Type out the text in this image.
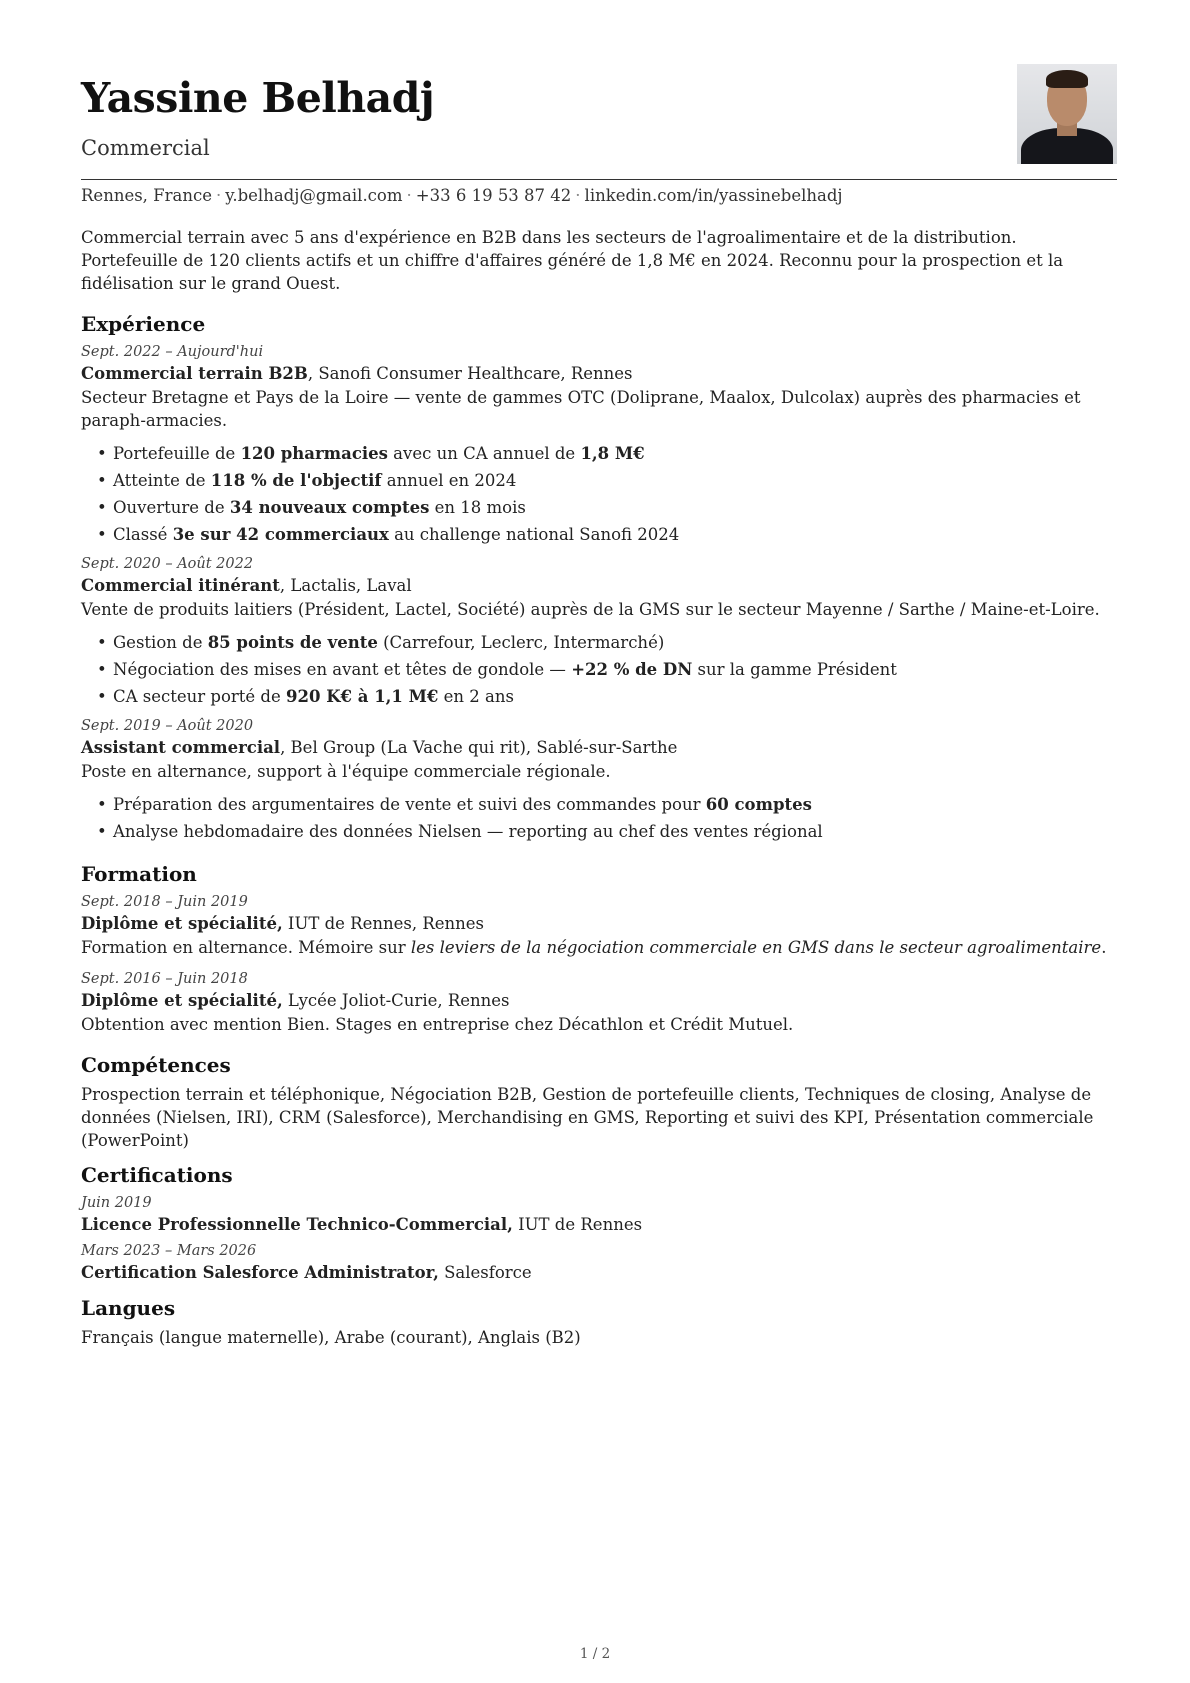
Yassine Belhadj
Commercial
Rennes, France · y.belhadj@gmail.com · +33 6 19 53 87 42 · linkedin.com/in/yassinebelhadj

Commercial terrain avec 5 ans d'expérience en B2B dans les secteurs de l'agroalimentaire et de la distribution. Portefeuille de 120 clients actifs et un chiffre d'affaires généré de 1,8 M€ en 2024. Reconnu pour la prospection et la fidélisation sur le grand Ouest.

Expérience
Sept. 2022 – Aujourd'hui
Commercial terrain B2B, Sanofi Consumer Healthcare, Rennes

Secteur Bretagne et Pays de la Loire — vente de gammes OTC (Doliprane, Maalox, Dulcolax) auprès des pharmacies et paraph-armacies.

• Portefeuille de 120 pharmacies avec un CA annuel de 1,8 M€
• Atteinte de 118 % de l'objectif annuel en 2024
• Ouverture de 34 nouveaux comptes en 18 mois
• Classé 3e sur 42 commerciaux au challenge national Sanofi 2024
Sept. 2020 – Août 2022
Commercial itinérant, Lactalis, Laval

Vente de produits laitiers (Président, Lactel, Société) auprès de la GMS sur le secteur Mayenne / Sarthe / Maine-et-Loire.

• Gestion de 85 points de vente (Carrefour, Leclerc, Intermarché)
• Négociation des mises en avant et têtes de gondole — +22 % de DN sur la gamme Président
• CA secteur porté de 920 K€ à 1,1 M€ en 2 ans
Sept. 2019 – Août 2020
Assistant commercial, Bel Group (La Vache qui rit), Sablé-sur-Sarthe

Poste en alternance, support à l'équipe commerciale régionale.

• Préparation des argumentaires de vente et suivi des commandes pour 60 comptes
• Analyse hebdomadaire des données Nielsen — reporting au chef des ventes régional
Formation
Sept. 2018 – Juin 2019
Diplôme et spécialité, IUT de Rennes, Rennes

Formation en alternance. Mémoire sur les leviers de la négociation commerciale en GMS dans le secteur agroalimentaire.

Sept. 2016 – Juin 2018
Diplôme et spécialité, Lycée Joliot-Curie, Rennes

Obtention avec mention Bien. Stages en entreprise chez Décathlon et Crédit Mutuel.

Compétences

Prospection terrain et téléphonique, Négociation B2B, Gestion de portefeuille clients, Techniques de closing, Analyse de données (Nielsen, IRI), CRM (Salesforce), Merchandising en GMS, Reporting et suivi des KPI, Présentation commerciale (PowerPoint)

Certifications
Juin 2019
Licence Professionnelle Technico-Commercial, IUT de Rennes
Mars 2023 – Mars 2026
Certification Salesforce Administrator, Salesforce
Langues

Français (langue maternelle), Arabe (courant), Anglais (B2)

1 / 2
